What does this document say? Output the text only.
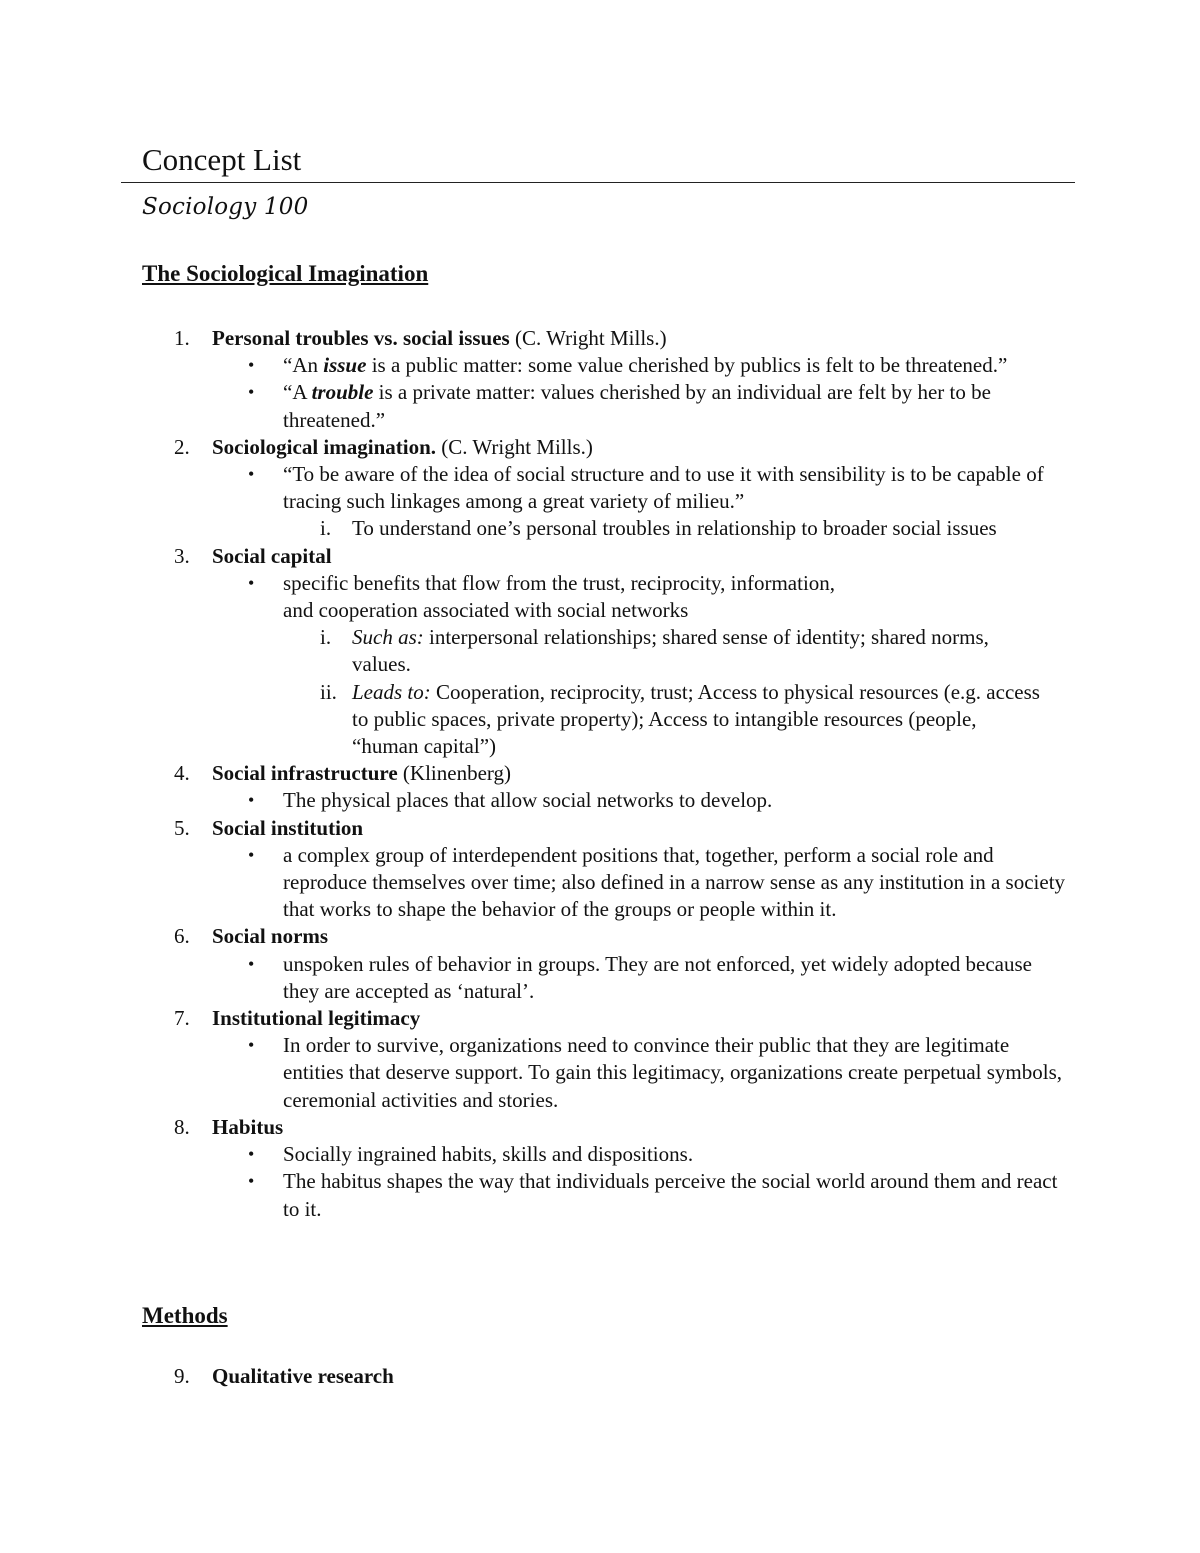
Concept List
Sociology 100
The Sociological Imagination
1.	Personal troubles vs. social issues (C. Wright Mills.)
• “An issue is a public matter: some value cherished by publics is felt to be threatened.”
• “A trouble is a private matter: values cherished by an individual are felt by her to be threatened.”
2.	Sociological imagination. (C. Wright Mills.)
• “To be aware of the idea of social structure and to use it with sensibility is to be capable of tracing such linkages among a great variety of milieu.”
i. To understand one’s personal troubles in relationship to broader social issues
3.	Social capital
• specific benefits that flow from the trust, reciprocity, information,
and cooperation associated with social networks
i. Such as: interpersonal relationships; shared sense of identity; shared norms, values.
ii. Leads to: Cooperation, reciprocity, trust; Access to physical resources (e.g. access to public spaces, private property); Access to intangible resources (people, “human capital”)
4.	Social infrastructure (Klinenberg)
• The physical places that allow social networks to develop.
5.	Social institution
• a complex group of interdependent positions that, together, perform a social role and reproduce themselves over time; also defined in a narrow sense as any institution in a society that works to shape the behavior of the groups or people within it.
6.	Social norms
• unspoken rules of behavior in groups. They are not enforced, yet widely adopted because they are accepted as ‘natural’.
7.	Institutional legitimacy
• In order to survive, organizations need to convince their public that they are legitimate entities that deserve support. To gain this legitimacy, organizations create perpetual symbols, ceremonial activities and stories.
8.	Habitus
• Socially ingrained habits, skills and dispositions.
• The habitus shapes the way that individuals perceive the social world around them and react to it.
Methods
9.	Qualitative research
